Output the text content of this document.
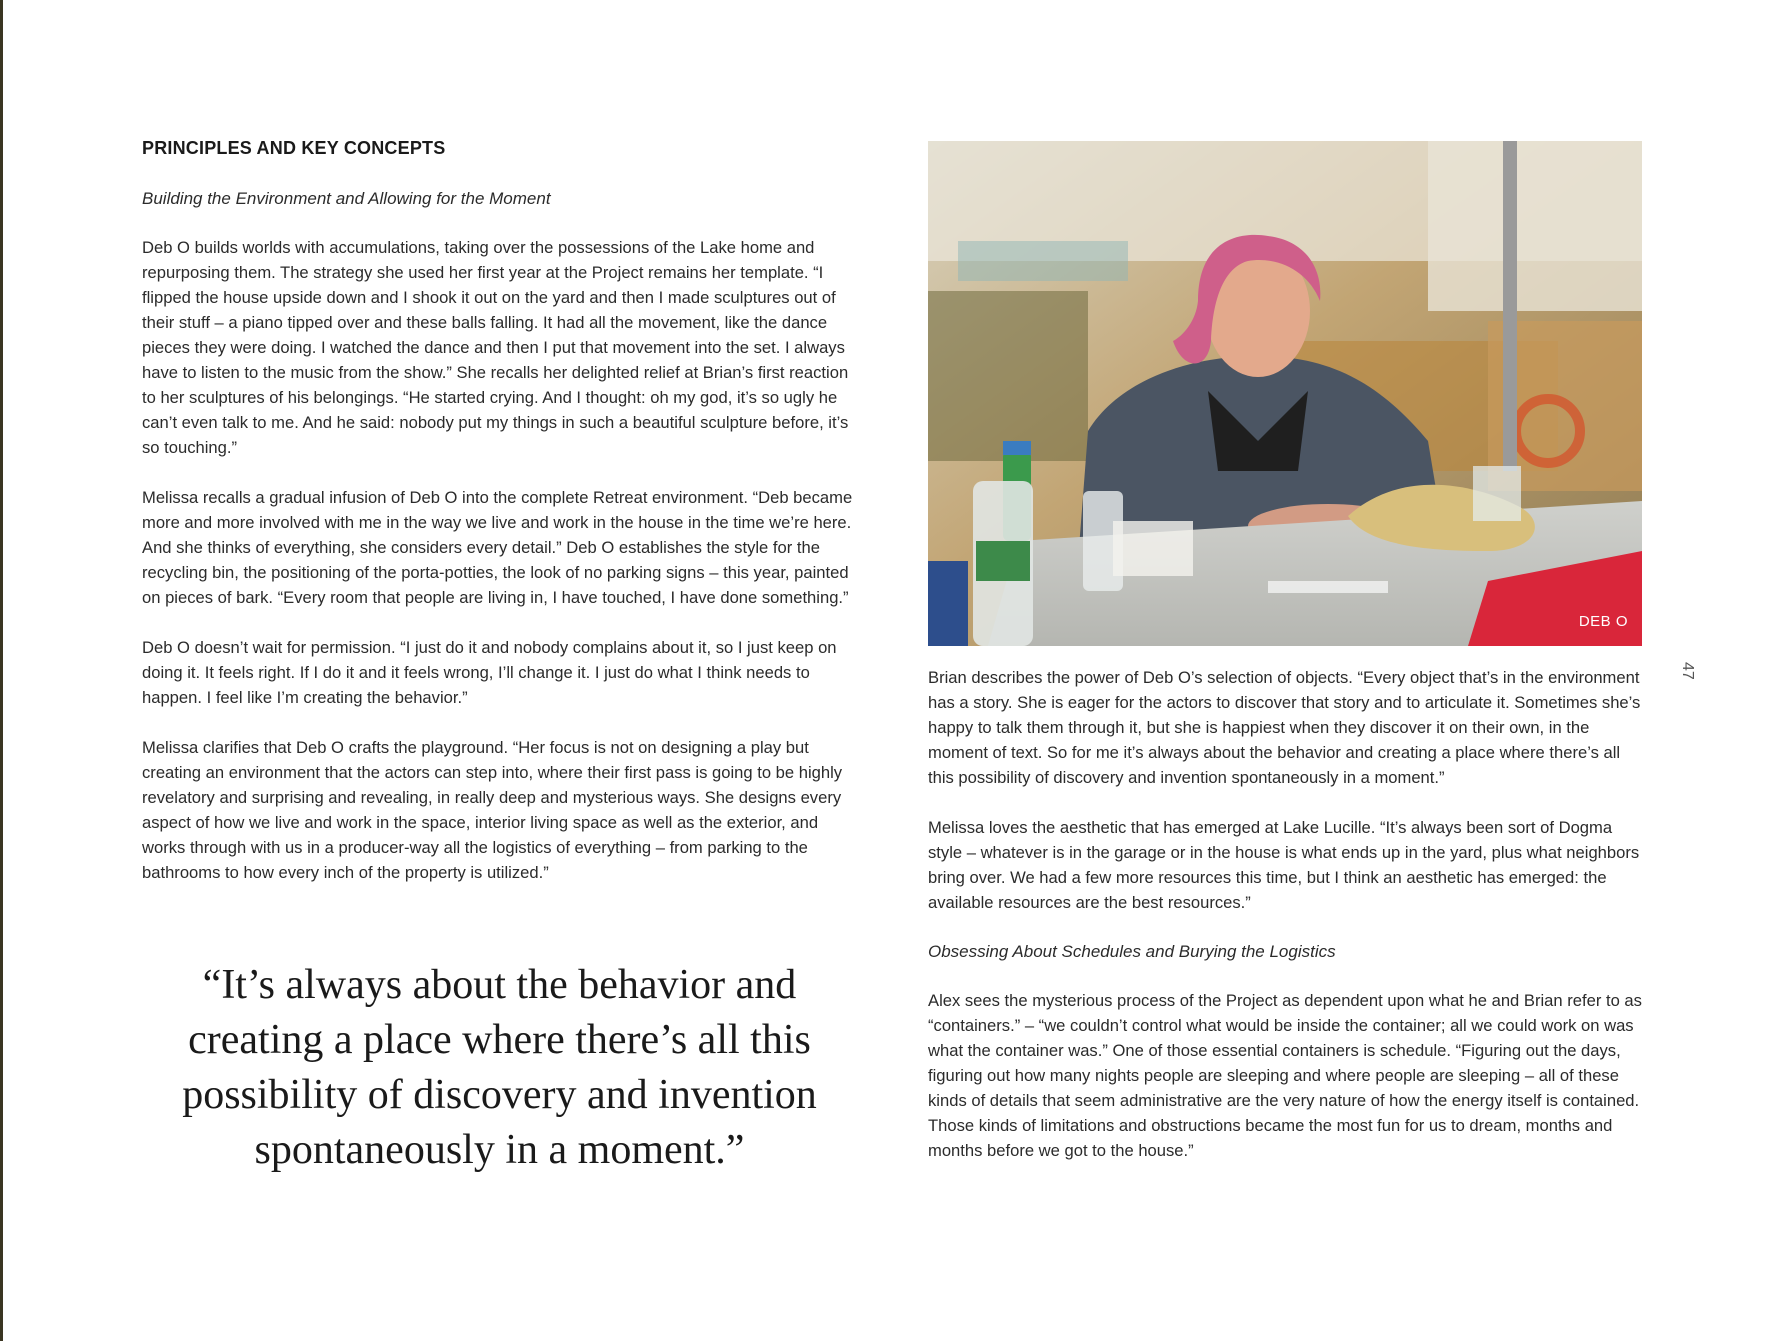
PRINCIPLES AND KEY CONCEPTS
Building the Environment and Allowing for the Moment

Deb O builds worlds with accumulations, taking over the possessions of the Lake home and repurposing them. The strategy she used her first year at the Project remains her template. “I flipped the house upside down and I shook it out on the yard and then I made sculptures out of their stuff – a piano tipped over and these balls falling. It had all the movement, like the dance pieces they were doing. I watched the dance and then I put that movement into the set. I always have to listen to the music from the show.” She recalls her delighted relief at Brian’s first reaction to her sculptures of his belongings. “He started crying. And I thought: oh my god, it’s so ugly he can’t even talk to me. And he said: nobody put my things in such a beautiful sculpture before, it’s so touching.”

Melissa recalls a gradual infusion of Deb O into the complete Retreat environment. “Deb became more and more involved with me in the way we live and work in the house in the time we’re here. And she thinks of everything, she considers every detail.” Deb O establishes the style for the recycling bin, the positioning of the porta-potties, the look of no parking signs – this year, painted on pieces of bark. “Every room that people are living in, I have touched, I have done something.”

Deb O doesn’t wait for permission. “I just do it and nobody complains about it, so I just keep on doing it. It feels right. If I do it and it feels wrong, I’ll change it. I just do what I think needs to happen. I feel like I’m creating the behavior.”

Melissa clarifies that Deb O crafts the playground. “Her focus is not on designing a play but creating an environment that the actors can step into, where their first pass is going to be highly revelatory and surprising and revealing, in really deep and mysterious ways. She designs every aspect of how we live and work in the space, interior living space as well as the exterior, and works through with us in a producer-way all the logistics of everything – from parking to the bathrooms to how every inch of the property is utilized.”

“It’s always about the behavior and creating a place where there’s all this possibility of discovery and invention spontaneously in a moment.”
DEB O

Brian describes the power of Deb O’s selection of objects. “Every object that’s in the environment has a story. She is eager for the actors to discover that story and to articulate it. Sometimes she’s happy to talk them through it, but she is happiest when they discover it on their own, in the moment of text. So for me it’s always about the behavior and creating a place where there’s all this possibility of discovery and invention spontaneously in a moment.”

Melissa loves the aesthetic that has emerged at Lake Lucille. “It’s always been sort of Dogma style – whatever is in the garage or in the house is what ends up in the yard, plus what neighbors bring over. We had a few more resources this time, but I think an aesthetic has emerged: the available resources are the best resources.”

Obsessing About Schedules and Burying the Logistics

Alex sees the mysterious process of the Project as dependent upon what he and Brian refer to as “containers.” – “we couldn’t control what would be inside the container; all we could work on was what the container was.” One of those essential containers is schedule. “Figuring out the days, figuring out how many nights people are sleeping and where people are sleeping – all of these kinds of details that seem administrative are the very nature of how the energy itself is contained. Those kinds of limitations and obstructions became the most fun for us to dream, months and months before we got to the house.”

47
